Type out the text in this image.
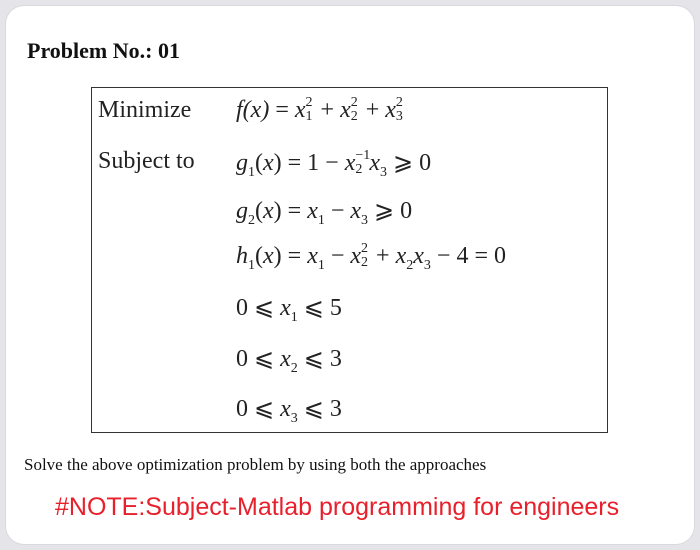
Problem No.: 01
Minimize
Subject to
f(x) = x 2
1 + x 2
2 + x 2
3
$g_1(x) = 1 - x -1$
2 $x_3$ ⩾ 0
$g_2(x) = x_1 - x_3$ ⩾ 0
$h_1(x) = x_1 - x$ 2
$2 + x_2x_3 - 4 = 0$
0 ⩽ $x_1$ ⩽ 5
0 ⩽ $x_2$ ⩽ 3
0 ⩽ $x_3$ ⩽ 3
Solve the above optimization problem by using both the approaches
#NOTE:Subject-Matlab programming for engineers
